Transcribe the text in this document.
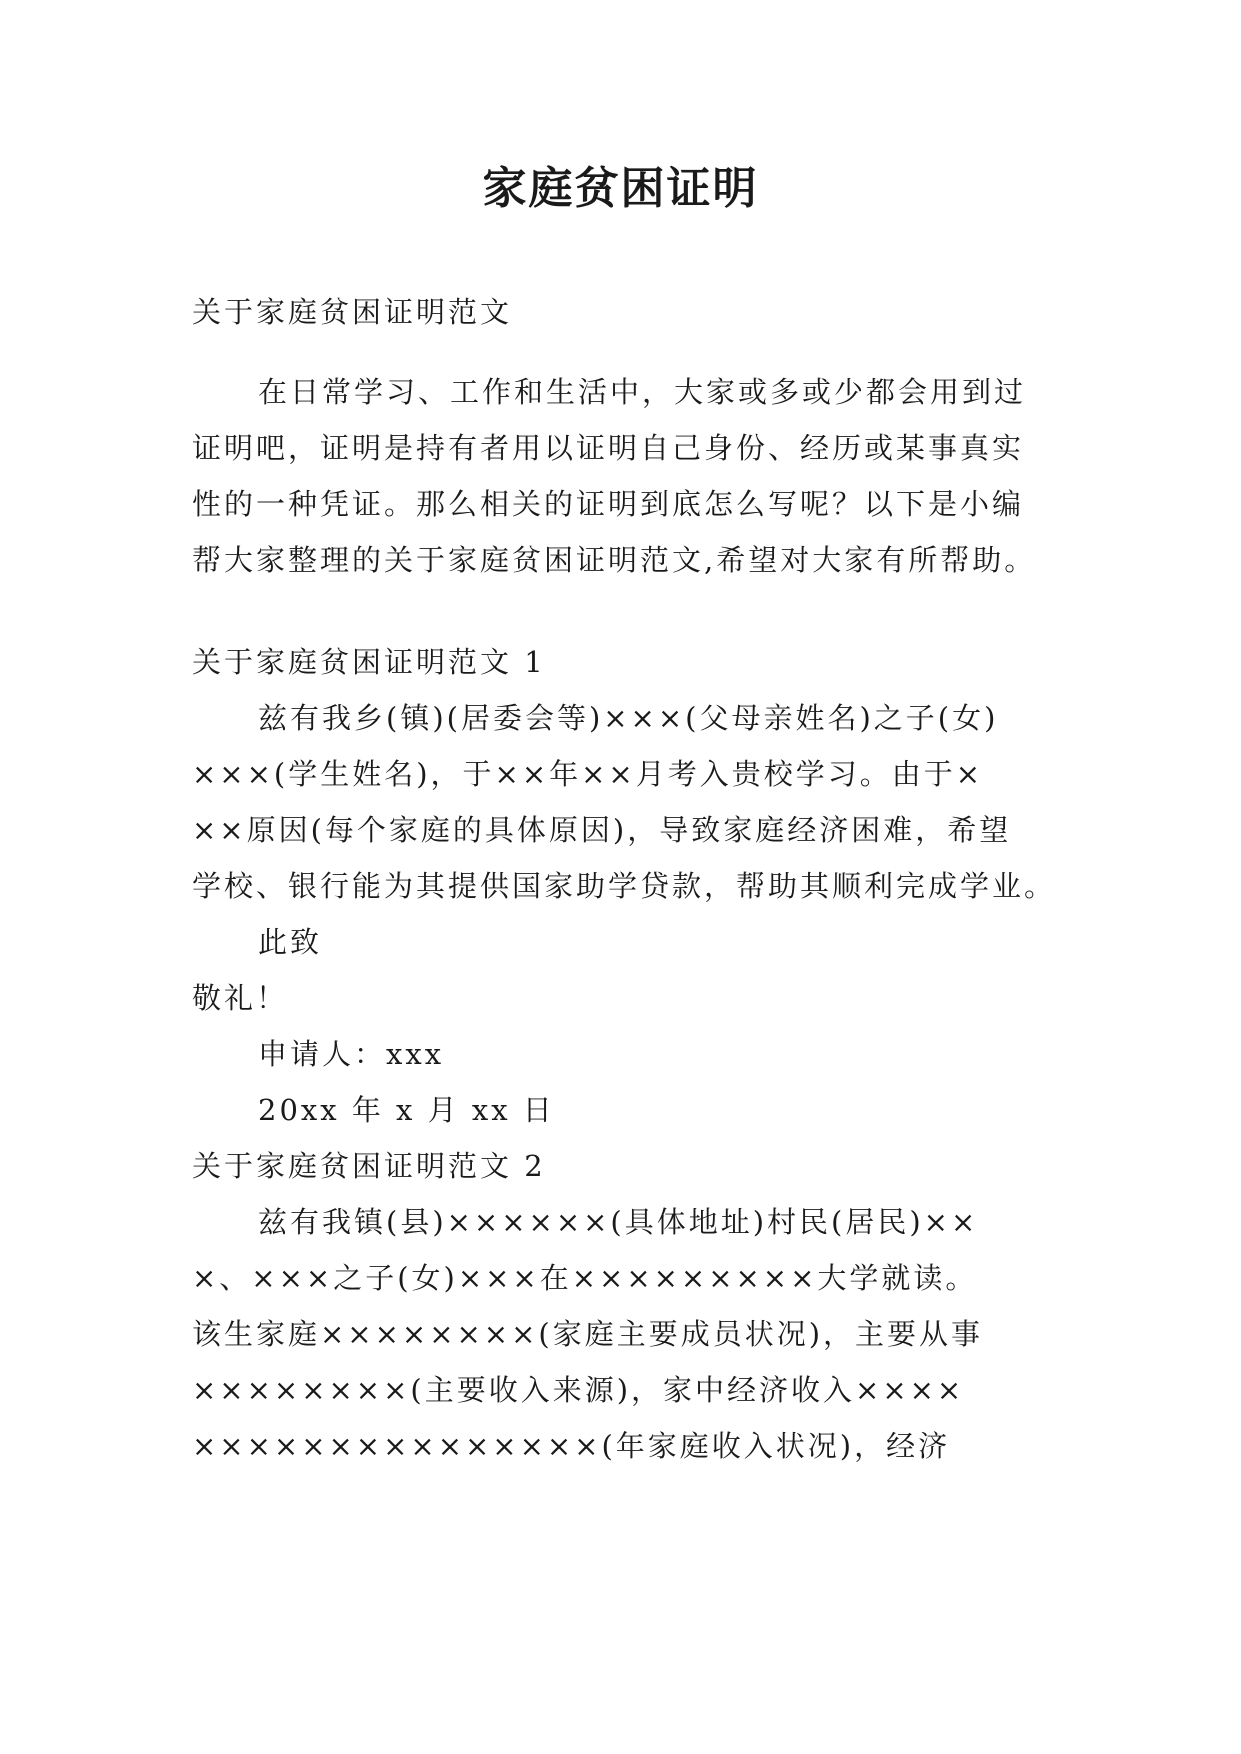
家庭贫困证明
关于家庭贫困证明范文
在日常学习、工作和生活中，大家或多或少都会用到过
证明吧，证明是持有者用以证明自己身份、经历或某事真实
性的一种凭证。那么相关的证明到底怎么写呢？以下是小编
帮大家整理的关于家庭贫困证明范文,希望对大家有所帮助。
关于家庭贫困证明范文 1
兹有我乡(镇)(居委会等)×××(父母亲姓名)之子(女)
×××(学生姓名)，于××年××月考入贵校学习。由于×
××原因(每个家庭的具体原因)，导致家庭经济困难，希望
学校、银行能为其提供国家助学贷款，帮助其顺利完成学业。
此致
敬礼！
申请人：xxx
20xx 年 x 月 xx 日
关于家庭贫困证明范文 2
兹有我镇(县)××××××(具体地址)村民(居民)××
×、×××之子(女)×××在×××××××××大学就读。
该生家庭××××××××(家庭主要成员状况)，主要从事
××××××××(主要收入来源)，家中经济收入××××
×××××××××××××××(年家庭收入状况)，经济
